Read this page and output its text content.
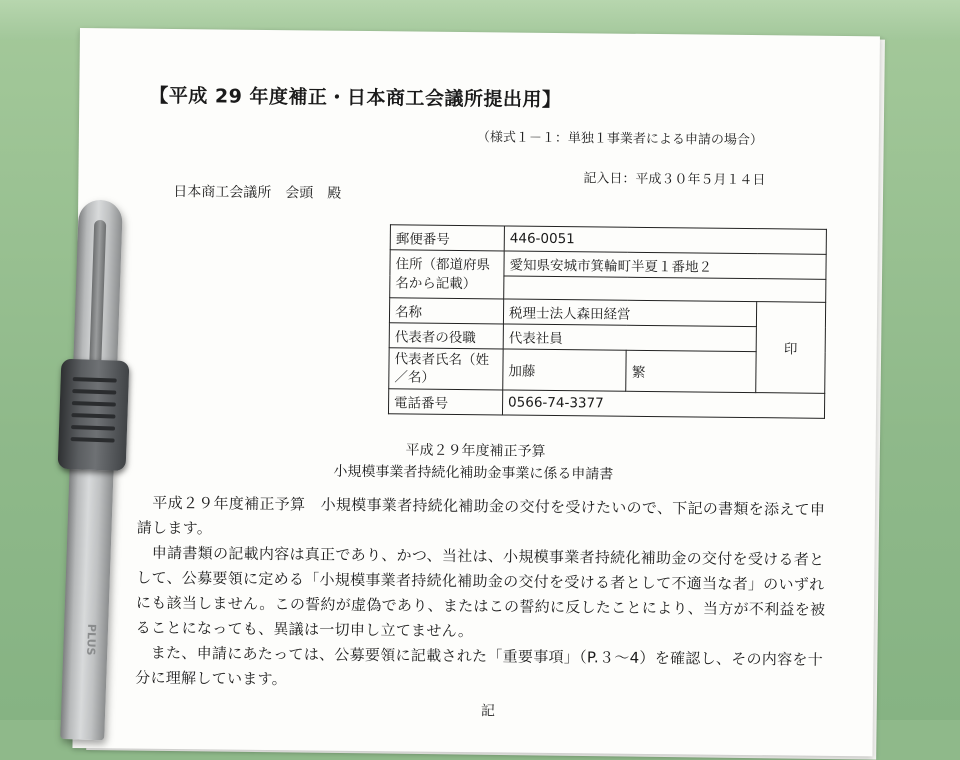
【平成 29 年度補正・日本商工会議所提出用】
（様式１－１：単独１事業者による申請の場合）
記入日：平成３０年５月１４日
日本商工会議所　会頭　殿
郵便番号	446-0051		
住所（都道府県名から記載）	愛知県安城市箕輪町半夏１番地２		

名称	税理士法人森田経営		印
代表者の役職	代表社員		
代表者氏名（姓／名）	加藤	繁	
電話番号	0566-74-3377		
平成２９年度補正予算
小規模事業者持続化補助金事業に係る申請書

　平成２９年度補正予算　小規模事業者持続化補助金の交付を受けたいので、下記の書類を添えて申請します。

　申請書類の記載内容は真正であり、かつ、当社は、小規模事業者持続化補助金の交付を受ける者として、公募要領に定める「小規模事業者持続化補助金の交付を受ける者として不適当な者」のいずれにも該当しません。この誓約が虚偽であり、またはこの誓約に反したことにより、当方が不利益を被ることになっても、異議は一切申し立てません。

　また、申請にあたっては、公募要領に記載された「重要事項」（P.３～4）を確認し、その内容を十分に理解しています。

記
PLUS
